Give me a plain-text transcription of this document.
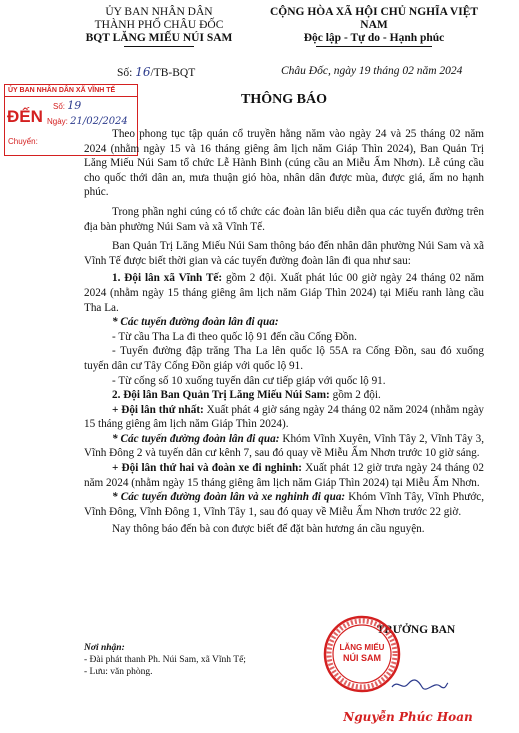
ỦY BAN NHÂN DÂN
THÀNH PHỐ CHÂU ĐỐC
BQT LĂNG MIẾU NÚI SAM
CỘNG HÒA XÃ HỘI CHỦ NGHĨA VIỆT NAM
Độc lập - Tự do - Hạnh phúc
Số: 16/TB-BQT	Châu Đốc, ngày 19 tháng 02 năm 2024
ỦY BAN NHÂN DÂN XÃ VĨNH TẾ
ĐẾN
Số: 19
Ngày: 21/02/2024
Chuyển:
THÔNG BÁO

Theo phong tục tập quán cổ truyền hằng năm vào ngày 24 và 25 tháng 02 năm 2024 (nhằm ngày 15 và 16 tháng giêng âm lịch năm Giáp Thìn 2024), Ban Quản Trị Lăng Miếu Núi Sam tổ chức Lễ Hành Binh (cúng cầu an Miễu Ấm Nhơn). Lễ cúng cầu cho quốc thới dân an, mưa thuận gió hòa, nhân dân được mùa, được giá, ấm no hạnh phúc.

Trong phần nghi cúng có tổ chức các đoàn lân biểu diễn qua các tuyến đường trên địa bàn phường Núi Sam và xã Vĩnh Tế.

Ban Quản Trị Lăng Miếu Núi Sam thông báo đến nhân dân phường Núi Sam và xã Vĩnh Tế được biết thời gian và các tuyến đường đoàn lân đi qua như sau:

1. Đội lân xã Vĩnh Tế: gồm 2 đội. Xuất phát lúc 00 giờ ngày 24 tháng 02 năm 2024 (nhằm ngày 15 tháng giêng âm lịch năm Giáp Thìn 2024) tại Miếu ranh làng cầu Tha La.

* Các tuyến đường đoàn lân đi qua:

- Từ cầu Tha La đi theo quốc lộ 91 đến cầu Cống Đồn.

- Tuyến đường đập trăng Tha La lên quốc lộ 55A ra Cống Đồn, sau đó xuống tuyến dân cư Tây Cống Đồn giáp với quốc lộ 91.

- Từ cống số 10 xuống tuyến dân cư tiếp giáp với quốc lộ 91.

2. Đội lân Ban Quản Trị Lăng Miếu Núi Sam: gồm 2 đội.

+ Đội lân thứ nhất: Xuất phát 4 giờ sáng ngày 24 tháng 02 năm 2024 (nhằm ngày 15 tháng giêng âm lịch năm Giáp Thìn 2024).

* Các tuyến đường đoàn lân đi qua: Khóm Vĩnh Xuyên, Vĩnh Tây 2, Vĩnh Tây 3, Vĩnh Đông 2 và tuyến dân cư kênh 7, sau đó quay về Miễu Ấm Nhơn trước 10 giờ sáng.

+ Đội lân thứ hai và đoàn xe đi nghinh: Xuất phát 12 giờ trưa ngày 24 tháng 02 năm 2024 (nhằm ngày 15 tháng giêng âm lịch năm Giáp Thìn 2024) tại Miễu Ấm Nhơn.

* Các tuyến đường đoàn lân và xe nghinh đi qua: Khóm Vĩnh Tây, Vĩnh Phước, Vĩnh Đông, Vĩnh Đông 1, Vĩnh Tây 1, sau đó quay về Miễu Ấm Nhơn trước 22 giờ.

Nay thông báo đến bà con được biết để đặt bàn hương án cầu nguyện.

Nơi nhận:
- Đài phát thanh Ph. Núi Sam, xã Vĩnh Tế;
- Lưu: văn phòng.
TRƯỞNG BAN
LĂNG MIẾU
NÚI SAM
Nguyễn Phúc Hoan
